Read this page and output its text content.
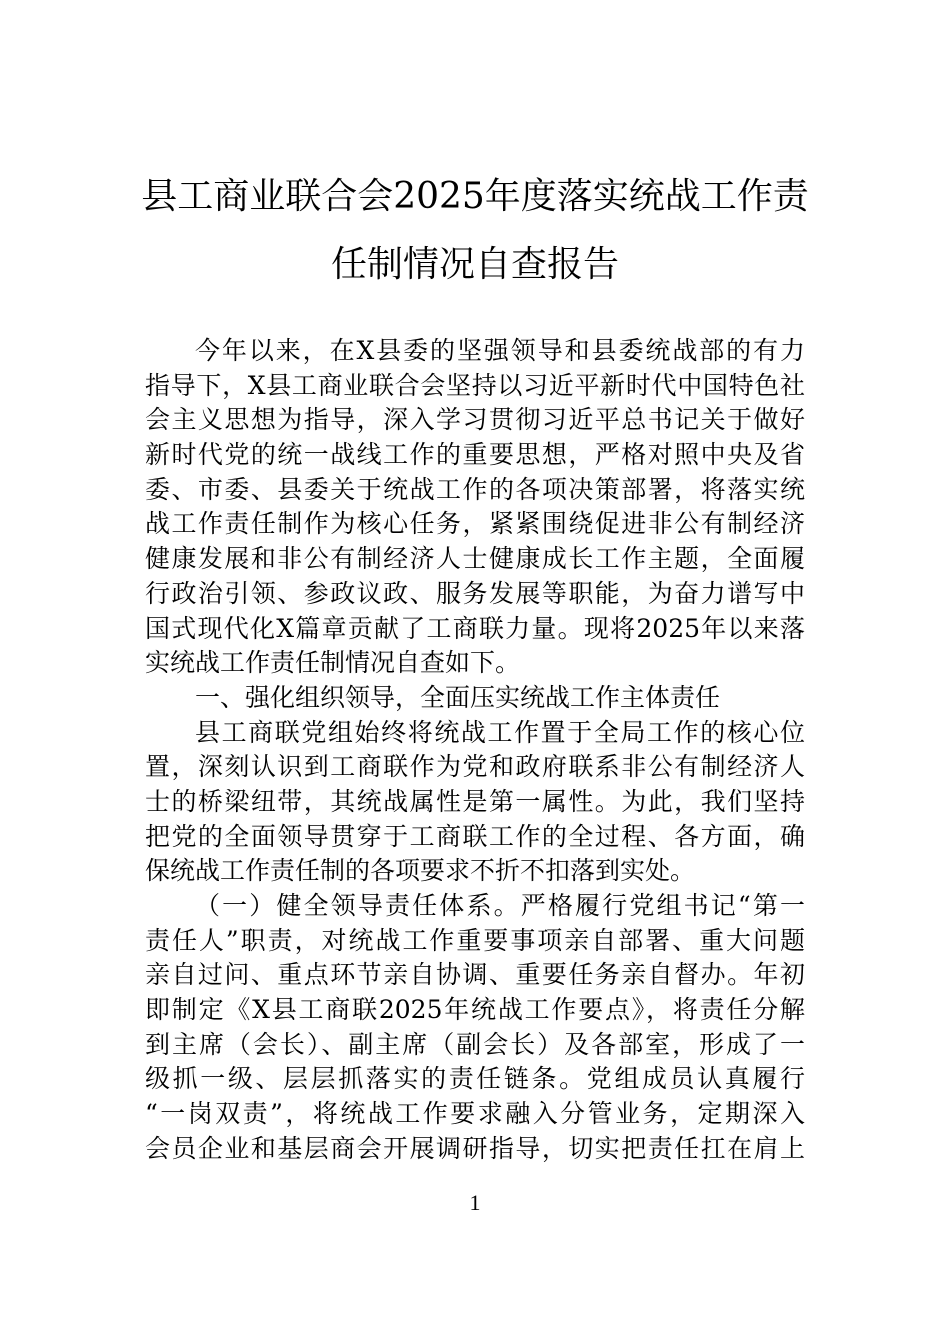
县工商业联合会2025年度落实统战工作责
任制情况自查报告
今年以来，在X县委的坚强领导和县委统战部的有力
指导下，X县工商业联合会坚持以习近平新时代中国特色社
会主义思想为指导，深入学习贯彻习近平总书记关于做好
新时代党的统一战线工作的重要思想，严格对照中央及省
委、市委、县委关于统战工作的各项决策部署，将落实统
战工作责任制作为核心任务，紧紧围绕促进非公有制经济
健康发展和非公有制经济人士健康成长工作主题，全面履
行政治引领、参政议政、服务发展等职能，为奋力谱写中
国式现代化X篇章贡献了工商联力量。现将2025年以来落
实统战工作责任制情况自查如下。
一、强化组织领导，全面压实统战工作主体责任
县工商联党组始终将统战工作置于全局工作的核心位
置，深刻认识到工商联作为党和政府联系非公有制经济人
士的桥梁纽带，其统战属性是第一属性。为此，我们坚持
把党的全面领导贯穿于工商联工作的全过程、各方面，确
保统战工作责任制的各项要求不折不扣落到实处。
（一）健全领导责任体系。严格履行党组书记“第一
责任人”职责，对统战工作重要事项亲自部署、重大问题
亲自过问、重点环节亲自协调、重要任务亲自督办。年初
即制定《X县工商联2025年统战工作要点》，将责任分解
到主席（会长）、副主席（副会长）及各部室，形成了一
级抓一级、层层抓落实的责任链条。党组成员认真履行
“一岗双责”，将统战工作要求融入分管业务，定期深入
会员企业和基层商会开展调研指导，切实把责任扛在肩上
1
